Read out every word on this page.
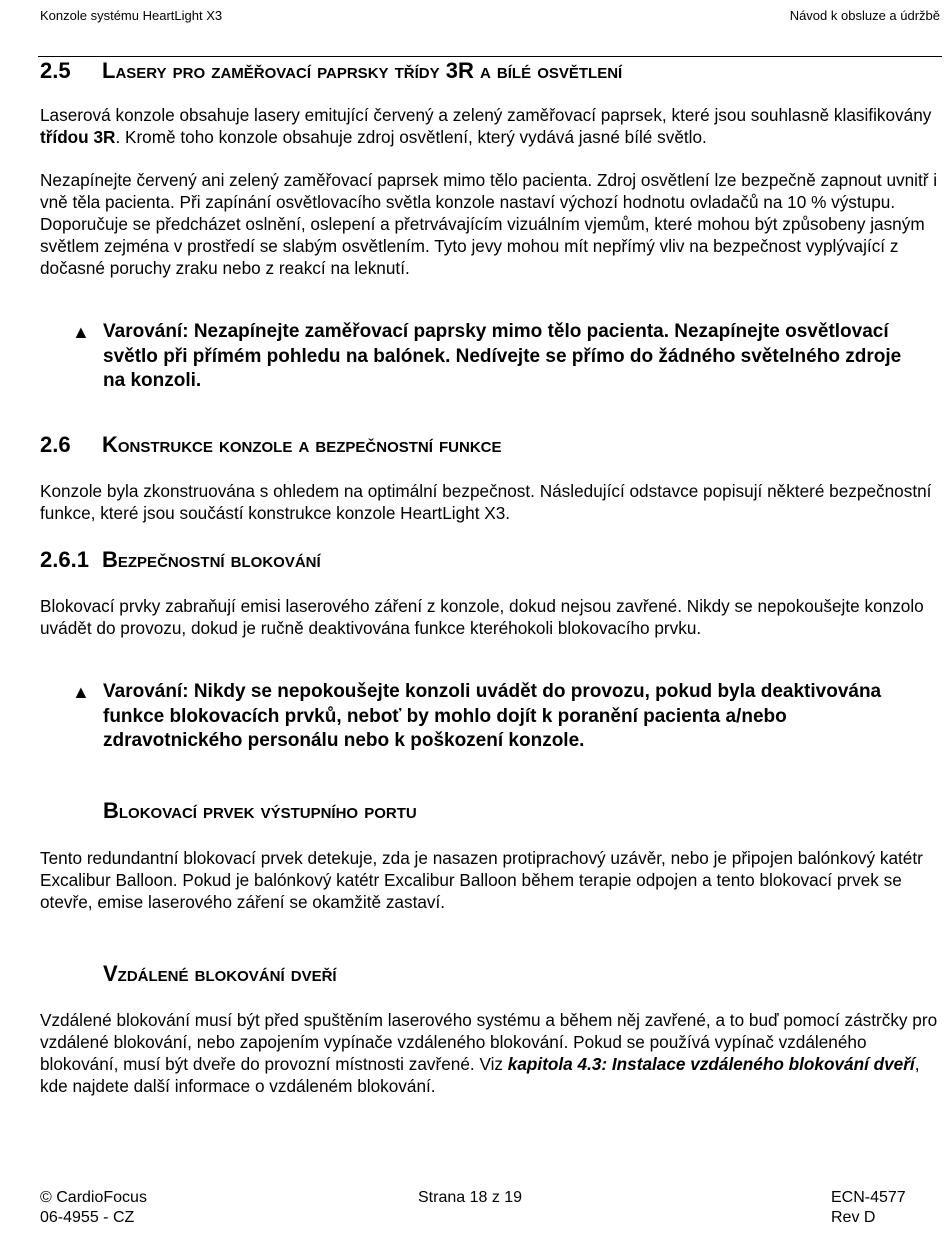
Konzole systému HeartLight X3	Návod k obsluze a údržbě
2.5 Lasery pro zaměřovací paprsky třídy 3R a bílé osvětlení
Laserová konzole obsahuje lasery emitující červený a zelený zaměřovací paprsek, které jsou souhlasně klasifikovány třídou 3R. Kromě toho konzole obsahuje zdroj osvětlení, který vydává jasné bílé světlo.
Nezapínejte červený ani zelený zaměřovací paprsek mimo tělo pacienta. Zdroj osvětlení lze bezpečně zapnout uvnitř i vně těla pacienta. Při zapínání osvětlovacího světla konzole nastaví výchozí hodnotu ovladačů na 10 % výstupu. Doporučuje se předcházet oslnění, oslepení a přetrvávajícím vizuálním vjemům, které mohou být způsobeny jasným světlem zejména v prostředí se slabým osvětlením. Tyto jevy mohou mít nepřímý vliv na bezpečnost vyplývající z dočasné poruchy zraku nebo z reakcí na leknutí.
▲ Varování: Nezapínejte zaměřovací paprsky mimo tělo pacienta. Nezapínejte osvětlovací světlo při přímém pohledu na balónek. Nedívejte se přímo do žádného světelného zdroje na konzoli.
2.6 Konstrukce konzole a bezpečnostní funkce
Konzole byla zkonstruována s ohledem na optimální bezpečnost. Následující odstavce popisují některé bezpečnostní funkce, které jsou součástí konstrukce konzole HeartLight X3.
2.6.1 Bezpečnostní blokování
Blokovací prvky zabraňují emisi laserového záření z konzole, dokud nejsou zavřené. Nikdy se nepokoušejte konzolo uvádět do provozu, dokud je ručně deaktivována funkce kteréhokoli blokovacího prvku.
▲ Varování: Nikdy se nepokoušejte konzoli uvádět do provozu, pokud byla deaktivována funkce blokovacích prvků, neboť by mohlo dojít k poranění pacienta a/nebo zdravotnického personálu nebo k poškození konzole.
Blokovací prvek výstupního portu
Tento redundantní blokovací prvek detekuje, zda je nasazen protiprachový uzávěr, nebo je připojen balónkový katétr Excalibur Balloon. Pokud je balónkový katétr Excalibur Balloon během terapie odpojen a tento blokovací prvek se otevře, emise laserového záření se okamžitě zastaví.
Vzdálené blokování dveří
Vzdálené blokování musí být před spuštěním laserového systému a během něj zavřené, a to buď pomocí zástrčky pro vzdálené blokování, nebo zapojením vypínače vzdáleného blokování. Pokud se používá vypínač vzdáleného blokování, musí být dveře do provozní místnosti zavřené. Viz kapitola 4.3: Instalace vzdáleného blokování dveří, kde najdete další informace o vzdáleném blokování.
© CardioFocus
06-4955 - CZ
Strana 18 z 19	ECN-4577
Rev D
